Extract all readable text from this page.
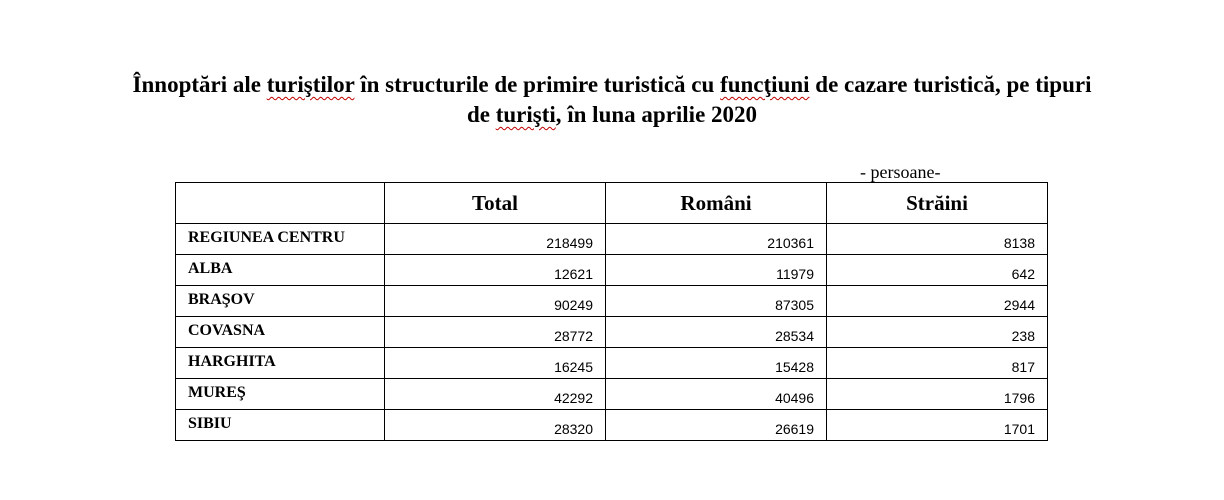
Înnoptări ale turiştilor în structurile de primire turistică cu funcţiuni de cazare turistică, pe tipuri
de turişti, în luna aprilie 2020
- persoane-
	Total	Români	Străini
REGIUNEA CENTRU	218499	210361	8138
ALBA	12621	11979	642
BRAŞOV	90249	87305	2944
COVASNA	28772	28534	238
HARGHITA	16245	15428	817
MUREŞ	42292	40496	1796
SIBIU	28320	26619	1701
